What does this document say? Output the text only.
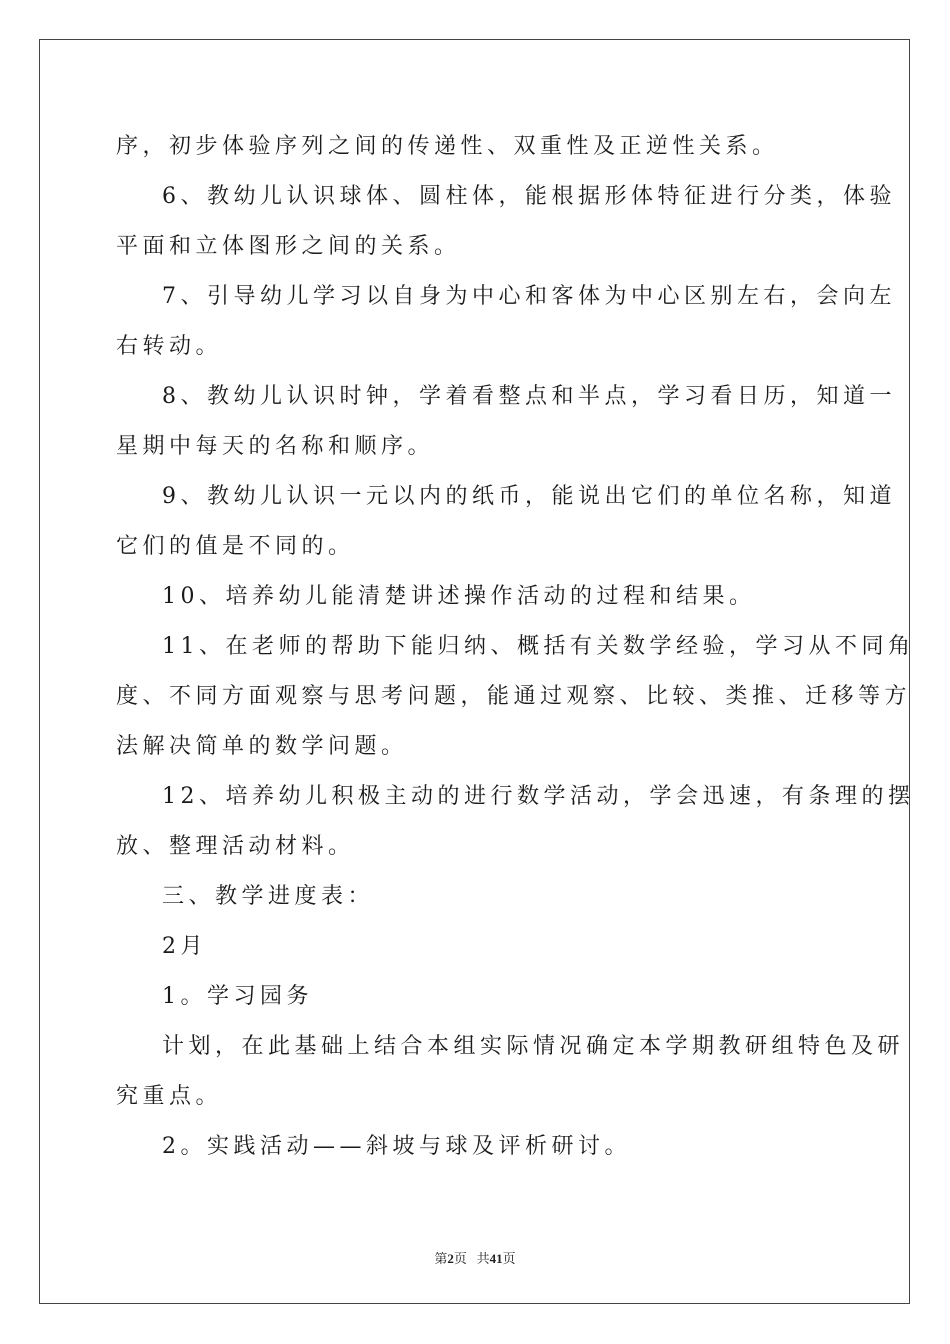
序，初步体验序列之间的传递性、双重性及正逆性关系。
6、教幼儿认识球体、圆柱体，能根据形体特征进行分类，体验
平面和立体图形之间的关系。
7、引导幼儿学习以自身为中心和客体为中心区别左右，会向左
右转动。
8、教幼儿认识时钟，学着看整点和半点，学习看日历，知道一
星期中每天的名称和顺序。
9、教幼儿认识一元以内的纸币，能说出它们的单位名称，知道
它们的值是不同的。
10、培养幼儿能清楚讲述操作活动的过程和结果。
11、在老师的帮助下能归纳、概括有关数学经验，学习从不同角
度、不同方面观察与思考问题，能通过观察、比较、类推、迁移等方
法解决简单的数学问题。
12、培养幼儿积极主动的进行数学活动，学会迅速，有条理的摆
放、整理活动材料。
三、教学进度表：
2月
1。学习园务
计划，在此基础上结合本组实际情况确定本学期教研组特色及研
究重点。
2。实践活动——斜坡与球及评析研讨。
第2页 共41页
